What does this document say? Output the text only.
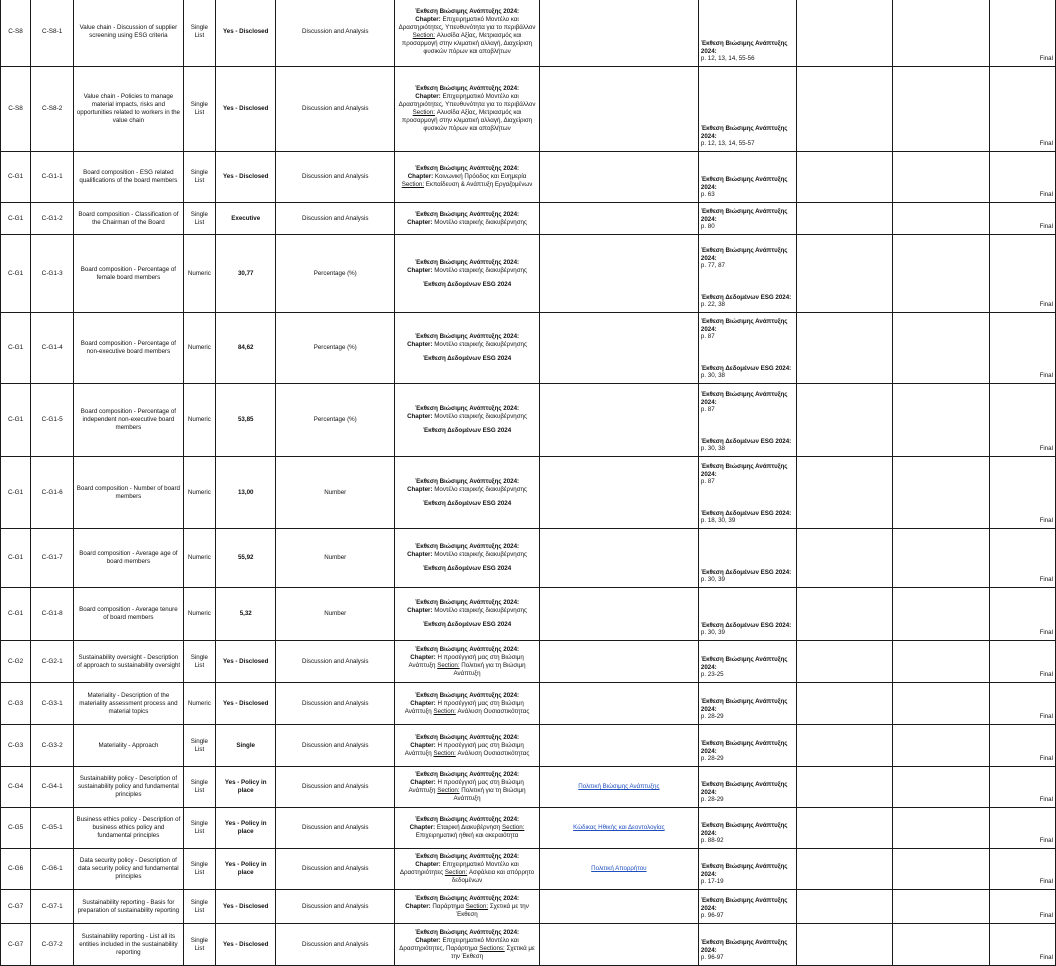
C-S8	C-S8-1	Value chain - Discussion of supplier screening using ESG criteria	Single List	Yes - Disclosed	Discussion and Analysis	Έκθεση Βιώσιμης Ανάπτυξης 2024:
Chapter: Επιχειρηματικό Μοντέλο και Δραστηριότητες, Υπευθυνότητα για το περιβάλλον Section: Αλυσίδα Αξίας, Μετριασμός και προσαρμογή στην κλιματική αλλαγή, Διαχείριση φυσικών πόρων και αποβλήτων		Έκθεση Βιώσιμης Ανάπτυξης 2024:
p. 12, 13, 14, 55-56			Final
C-S8	C-S8-2	Value chain - Policies to manage material impacts, risks and opportunities related to workers in the value chain	Single List	Yes - Disclosed	Discussion and Analysis	Έκθεση Βιώσιμης Ανάπτυξης 2024:
Chapter: Επιχειρηματικό Μοντέλο και Δραστηριότητες, Υπευθυνότητα για το περιβάλλον Section: Αλυσίδα Αξίας, Μετριασμός και προσαρμογή στην κλιματική αλλαγή, Διαχείριση φυσικών πόρων και αποβλήτων		Έκθεση Βιώσιμης Ανάπτυξης 2024:
p. 12, 13, 14, 55-57			Final
C-G1	C-G1-1	Board composition - ESG related qualifications of the board members	Single List	Yes - Disclosed	Discussion and Analysis	Έκθεση Βιώσιμης Ανάπτυξης 2024:
Chapter: Κοινωνική Πρόοδος και Ευημερία Section: Εκπαίδευση & Ανάπτυξη Εργαζομένων		Έκθεση Βιώσιμης Ανάπτυξης 2024:
p. 63			Final
C-G1	C-G1-2	Board composition - Classification of the Chairman of the Board	Single List	Executive	Discussion and Analysis	Έκθεση Βιώσιμης Ανάπτυξης 2024:
Chapter: Μοντέλο εταιρικής διακυβέρνησης		Έκθεση Βιώσιμης Ανάπτυξης 2024:
p. 80			Final
C-G1	C-G1-3	Board composition - Percentage of female board members	Numeric	30,77	Percentage (%)	Έκθεση Βιώσιμης Ανάπτυξης 2024:
Chapter: Μοντέλο εταιρικής διακυβέρνησης
Έκθεση Δεδομένων ESG 2024		Έκθεση Βιώσιμης Ανάπτυξης 2024:
p. 77, 87
Έκθεση Δεδομένων ESG 2024:
p. 22, 38			Final
C-G1	C-G1-4	Board composition - Percentage of non-executive board members	Numeric	84,62	Percentage (%)	Έκθεση Βιώσιμης Ανάπτυξης 2024:
Chapter: Μοντέλο εταιρικής διακυβέρνησης
Έκθεση Δεδομένων ESG 2024		Έκθεση Βιώσιμης Ανάπτυξης 2024:
p. 87
Έκθεση Δεδομένων ESG 2024:
p. 30, 38			Final
C-G1	C-G1-5	Board composition - Percentage of independent non-executive board members	Numeric	53,85	Percentage (%)	Έκθεση Βιώσιμης Ανάπτυξης 2024:
Chapter: Μοντέλο εταιρικής διακυβέρνησης
Έκθεση Δεδομένων ESG 2024		Έκθεση Βιώσιμης Ανάπτυξης 2024:
p. 87
Έκθεση Δεδομένων ESG 2024:
p. 30, 38			Final
C-G1	C-G1-6	Board composition - Number of board members	Numeric	13,00	Number	Έκθεση Βιώσιμης Ανάπτυξης 2024:
Chapter: Μοντέλο εταιρικής διακυβέρνησης
Έκθεση Δεδομένων ESG 2024		Έκθεση Βιώσιμης Ανάπτυξης 2024:
p. 87
Έκθεση Δεδομένων ESG 2024:
p. 18, 30, 39			Final
C-G1	C-G1-7	Board composition - Average age of board members	Numeric	55,92	Number	Έκθεση Βιώσιμης Ανάπτυξης 2024:
Chapter: Μοντέλο εταιρικής διακυβέρνησης
Έκθεση Δεδομένων ESG 2024		Έκθεση Δεδομένων ESG 2024:
p. 30, 39			Final
C-G1	C-G1-8	Board composition - Average tenure of board members	Numeric	5,32	Number	Έκθεση Βιώσιμης Ανάπτυξης 2024:
Chapter: Μοντέλο εταιρικής διακυβέρνησης
Έκθεση Δεδομένων ESG 2024		Έκθεση Δεδομένων ESG 2024:
p. 30, 39			Final
C-G2	C-G2-1	Sustainability oversight - Description of approach to sustainability oversight	Single List	Yes - Disclosed	Discussion and Analysis	Έκθεση Βιώσιμης Ανάπτυξης 2024:
Chapter: Η προσέγγισή μας στη Βιώσιμη Ανάπτυξη Section: Πολιτική για τη Βιώσιμη Ανάπτυξη		Έκθεση Βιώσιμης Ανάπτυξης 2024:
p. 23-25			Final
C-G3	C-G3-1	Materiality - Description of the materiality assessment process and material topics	Numeric	Yes - Disclosed	Discussion and Analysis	Έκθεση Βιώσιμης Ανάπτυξης 2024:
Chapter: Η προσέγγισή μας στη Βιώσιμη Ανάπτυξη Section: Ανάλυση Ουσιαστικότητας		Έκθεση Βιώσιμης Ανάπτυξης 2024:
p. 28-29			Final
C-G3	C-G3-2	Materiality - Approach	Single List	Single	Discussion and Analysis	Έκθεση Βιώσιμης Ανάπτυξης 2024:
Chapter: Η προσέγγισή μας στη Βιώσιμη Ανάπτυξη Section: Ανάλυση Ουσιαστικότητας		Έκθεση Βιώσιμης Ανάπτυξης 2024:
p. 28-29			Final
C-G4	C-G4-1	Sustainability policy - Description of sustainability policy and fundamental principles	Single List	Yes - Policy in place	Discussion and Analysis	Έκθεση Βιώσιμης Ανάπτυξης 2024:
Chapter: Η προσέγγισή μας στη Βιώσιμη Ανάπτυξη Section: Πολιτική για τη Βιώσιμη Ανάπτυξη	Πολιτική Βιώσιμης Ανάπτυξης	Έκθεση Βιώσιμης Ανάπτυξης 2024:
p. 28-29			Final
C-G5	C-G5-1	Business ethics policy - Description of business ethics policy and fundamental principles	Single List	Yes - Policy in place	Discussion and Analysis	Έκθεση Βιώσιμης Ανάπτυξης 2024:
Chapter: Εταιρική Διακυβέρνηση Section: Επιχειρηματική ηθική και ακεραιότητα	Κώδικας Ηθικής και Δεοντολογίας	Έκθεση Βιώσιμης Ανάπτυξης 2024:
p. 88-92			Final
C-G6	C-G6-1	Data security policy - Description of data security policy and fundamental principles	Single List	Yes - Policy in place	Discussion and Analysis	Έκθεση Βιώσιμης Ανάπτυξης 2024:
Chapter: Επιχειρηματικό Μοντέλο και Δραστηριότητες Section: Ασφάλεια και απόρρητο δεδομένων	Πολιτική Απορρήτου	Έκθεση Βιώσιμης Ανάπτυξης 2024:
p. 17-19			Final
C-G7	C-G7-1	Sustainability reporting - Basis for preparation of sustainability reporting	Single List	Yes - Disclosed	Discussion and Analysis	Έκθεση Βιώσιμης Ανάπτυξης 2024:
Chapter: Παράρτημα Section: Σχετικά με την Έκθεση		Έκθεση Βιώσιμης Ανάπτυξης 2024:
p. 96-97			Final
C-G7	C-G7-2	Sustainability reporting - List all its entities included in the sustainability reporting	Single List	Yes - Disclosed	Discussion and Analysis	Έκθεση Βιώσιμης Ανάπτυξης 2024:
Chapter: Επιχειρηματικό Μοντέλο και Δραστηριότητες, Παράρτημα Sections: Σχετικά με την Έκθεση		Έκθεση Βιώσιμης Ανάπτυξης 2024:
p. 96-97			Final
